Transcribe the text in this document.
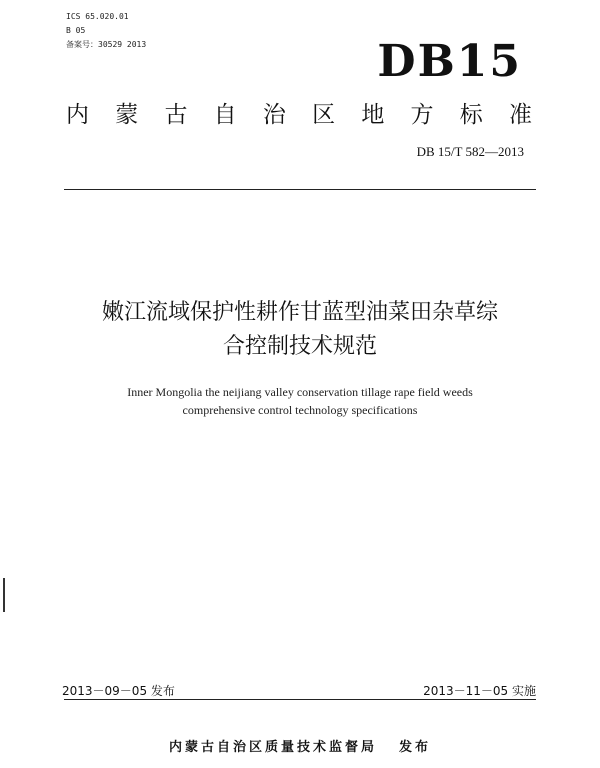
ICS 65.020.01
B 05
备案号：30529 2013	DB15
内 蒙 古 自 治 区 地 方 标 准
DB 15/T 582—2013
嫩江流域保护性耕作甘蓝型油菜田杂草综
合控制技术规范
Inner Mongolia the neijiang valley conservation tillage rape field weeds
comprehensive control technology specifications
2013－09－05 发布	2013－11－05 实施
内蒙古自治区质量技术监督局 发布
